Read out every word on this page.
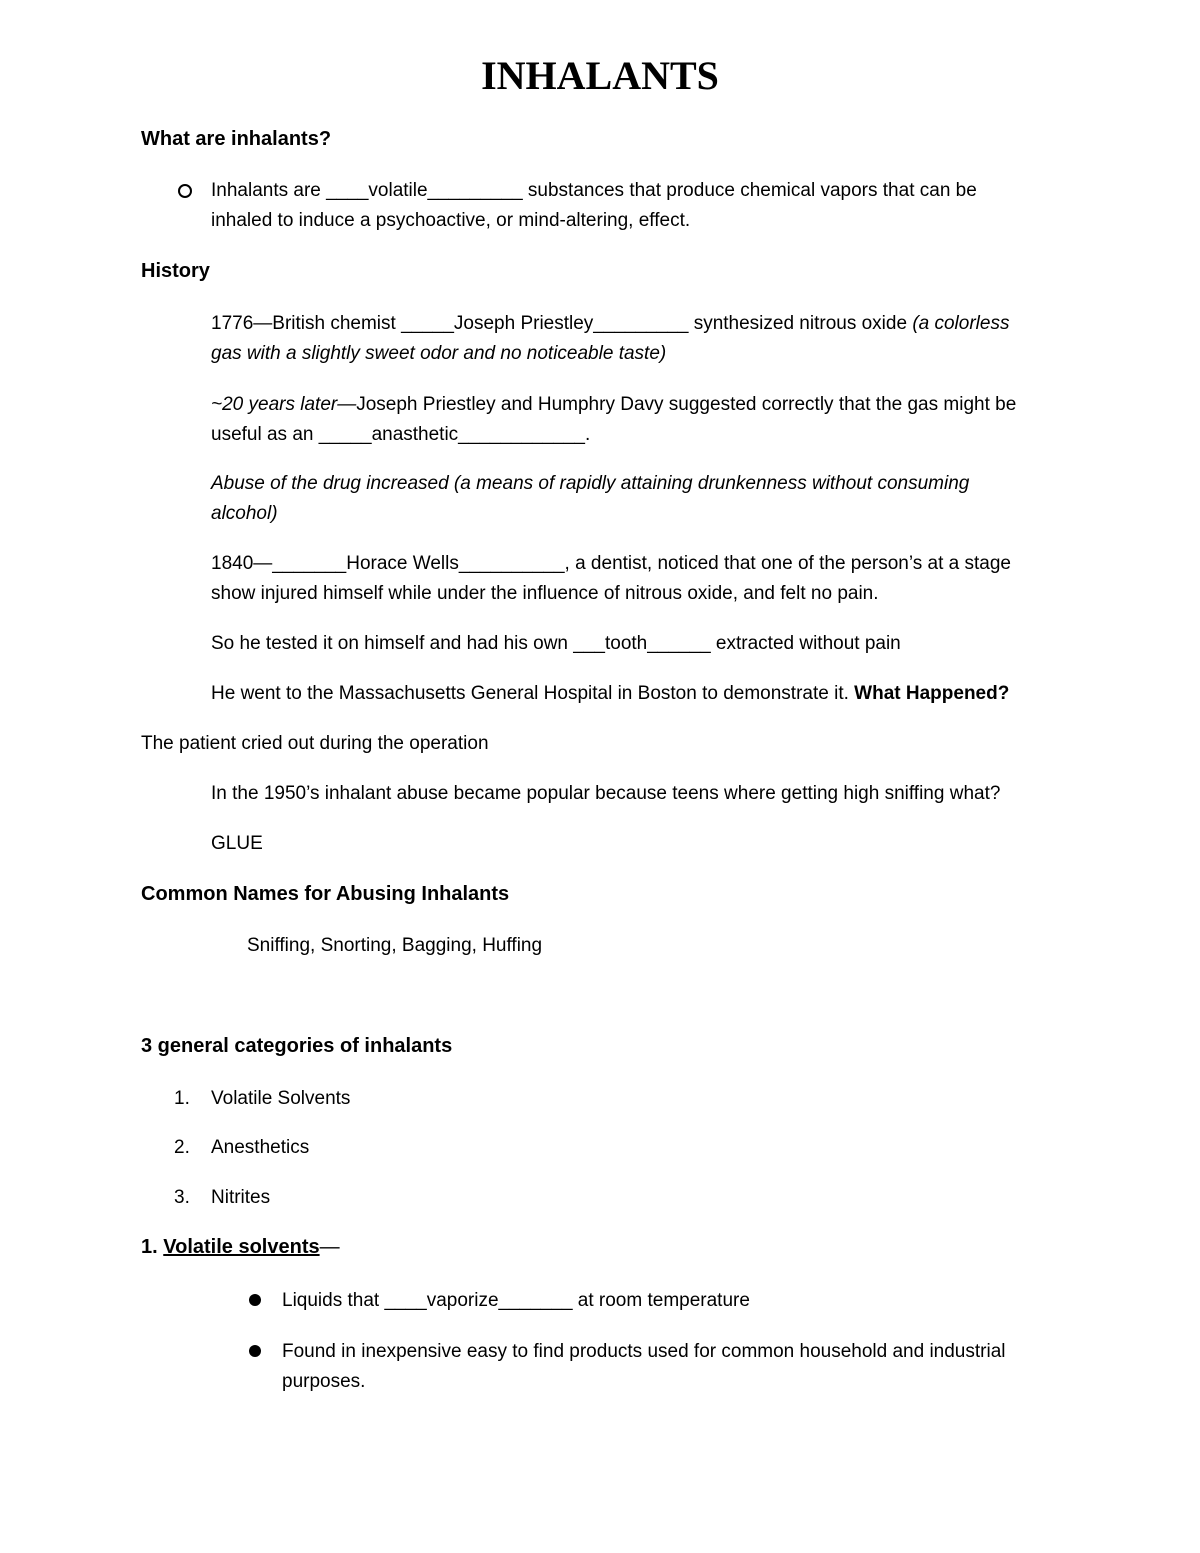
INHALANTS
What are inhalants?
Inhalants are ____volatile_________ substances that produce chemical vapors that can be
inhaled to induce a psychoactive, or mind-altering, effect.
History
1776—British chemist _____Joseph Priestley_________ synthesized nitrous oxide (a colorless
gas with a slightly sweet odor and no noticeable taste)
~20 years later—Joseph Priestley and Humphry Davy suggested correctly that the gas might be
useful as an _____anasthetic____________.
Abuse of the drug increased (a means of rapidly attaining drunkenness without consuming
alcohol)
1840—_______Horace Wells__________, a dentist, noticed that one of the person’s at a stage
show injured himself while under the influence of nitrous oxide, and felt no pain.
So he tested it on himself and had his own ___tooth______ extracted without pain
He went to the Massachusetts General Hospital in Boston to demonstrate it. What Happened?
The patient cried out during the operation
In the 1950’s inhalant abuse became popular because teens where getting high sniffing what?
GLUE
Common Names for Abusing Inhalants
Sniffing, Snorting, Bagging, Huffing
3 general categories of inhalants
1. Volatile Solvents
2. Anesthetics
3. Nitrites
1. Volatile solvents—
Liquids that ____vaporize_______ at room temperature
Found in inexpensive easy to find products used for common household and industrial
purposes.
